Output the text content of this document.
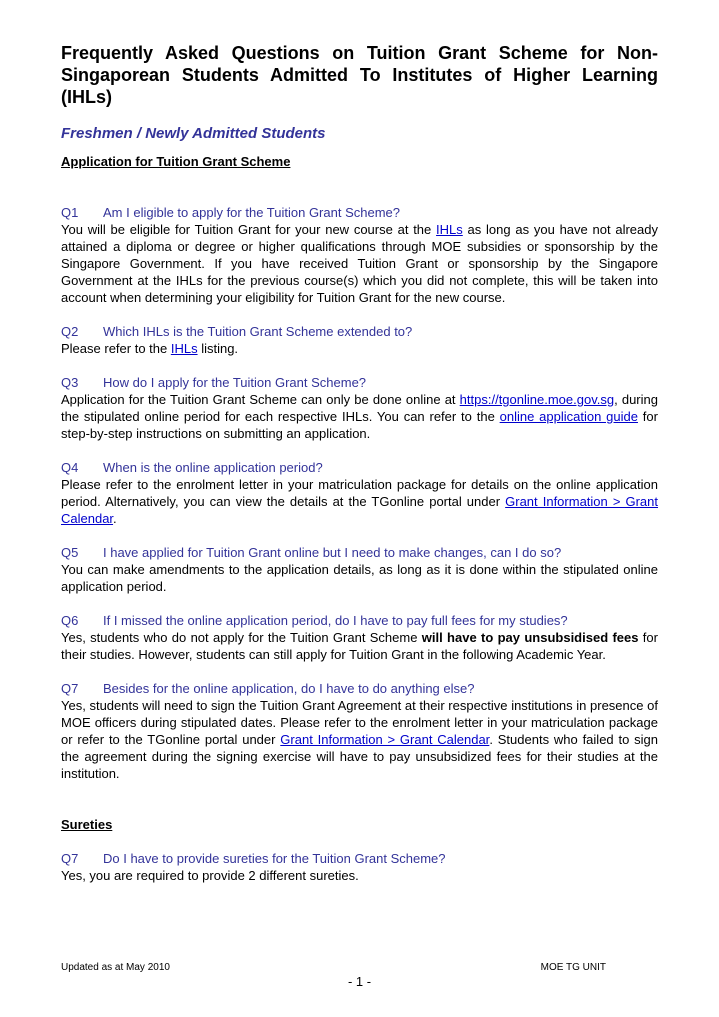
Frequently Asked Questions on Tuition Grant Scheme for Non-Singaporean Students Admitted To Institutes of Higher Learning (IHLs)
Freshmen / Newly Admitted Students
Application for Tuition Grant Scheme
Q1 Am I eligible to apply for the Tuition Grant Scheme?
You will be eligible for Tuition Grant for your new course at the IHLs as long as you have not already attained a diploma or degree or higher qualifications through MOE subsidies or sponsorship by the Singapore Government. If you have received Tuition Grant or sponsorship by the Singapore Government at the IHLs for the previous course(s) which you did not complete, this will be taken into account when determining your eligibility for Tuition Grant for the new course.
Q2 Which IHLs is the Tuition Grant Scheme extended to?
Please refer to the IHLs listing.
Q3 How do I apply for the Tuition Grant Scheme?
Application for the Tuition Grant Scheme can only be done online at https://tgonline.moe.gov.sg, during the stipulated online period for each respective IHLs. You can refer to the online application guide for step-by-step instructions on submitting an application.
Q4 When is the online application period?
Please refer to the enrolment letter in your matriculation package for details on the online application period. Alternatively, you can view the details at the TGonline portal under Grant Information > Grant Calendar.
Q5 I have applied for Tuition Grant online but I need to make changes, can I do so?
You can make amendments to the application details, as long as it is done within the stipulated online application period.
Q6 If I missed the online application period, do I have to pay full fees for my studies?
Yes, students who do not apply for the Tuition Grant Scheme will have to pay unsubsidised fees for their studies. However, students can still apply for Tuition Grant in the following Academic Year.
Q7 Besides for the online application, do I have to do anything else?
Yes, students will need to sign the Tuition Grant Agreement at their respective institutions in presence of MOE officers during stipulated dates. Please refer to the enrolment letter in your matriculation package or refer to the TGonline portal under Grant Information > Grant Calendar. Students who failed to sign the agreement during the signing exercise will have to pay unsubsidized fees for their studies at the institution.
Sureties
Q7 Do I have to provide sureties for the Tuition Grant Scheme?
Yes, you are required to provide 2 different sureties.
Updated as at May 2010	MOE TG UNIT
- 1 -
